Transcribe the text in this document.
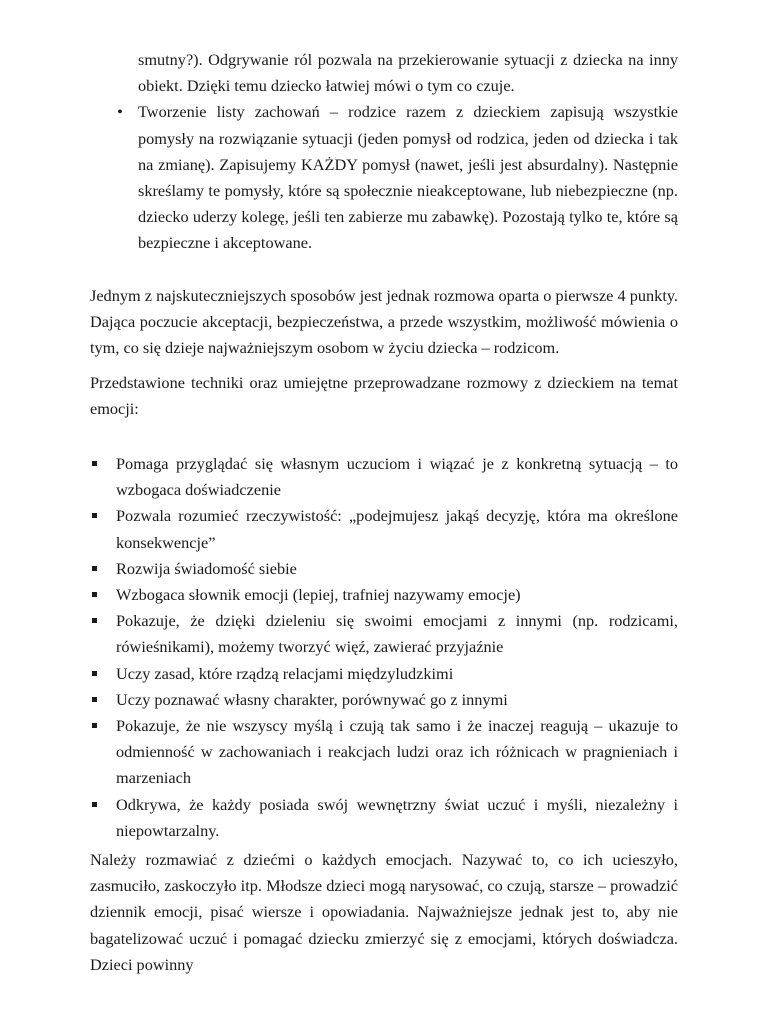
smutny?). Odgrywanie ról pozwala na przekierowanie sytuacji z dziecka na inny obiekt. Dzięki temu dziecko łatwiej mówi o tym co czuje.
• Tworzenie listy zachowań – rodzice razem z dzieckiem zapisują wszystkie pomysły na rozwiązanie sytuacji (jeden pomysł od rodzica, jeden od dziecka i tak na zmianę). Zapisujemy KAŻDY pomysł (nawet, jeśli jest absurdalny). Następnie skreślamy te pomysły, które są społecznie nieakceptowane, lub niebezpieczne (np. dziecko uderzy kolegę, jeśli ten zabierze mu zabawkę). Pozostają tylko te, które są bezpieczne i akceptowane.

Jednym z najskuteczniejszych sposobów jest jednak rozmowa oparta o pierwsze 4 punkty. Dająca poczucie akceptacji, bezpieczeństwa, a przede wszystkim, możliwość mówienia o tym, co się dzieje najważniejszym osobom w życiu dziecka – rodzicom.

Przedstawione techniki oraz umiejętne przeprowadzane rozmowy z dzieckiem na temat emocji:

Pomaga przyglądać się własnym uczuciom i wiązać je z konkretną sytuacją – to wzbogaca doświadczenie
Pozwala rozumieć rzeczywistość: „podejmujesz jakąś decyzję, która ma określone konsekwencje”
Rozwija świadomość siebie
Wzbogaca słownik emocji (lepiej, trafniej nazywamy emocje)
Pokazuje, że dzięki dzieleniu się swoimi emocjami z innymi (np. rodzicami, rówieśnikami), możemy tworzyć więź, zawierać przyjaźnie
Uczy zasad, które rządzą relacjami międzyludzkimi
Uczy poznawać własny charakter, porównywać go z innymi
Pokazuje, że nie wszyscy myślą i czują tak samo i że inaczej reagują – ukazuje to odmienność w zachowaniach i reakcjach ludzi oraz ich różnicach w pragnieniach i marzeniach
Odkrywa, że każdy posiada swój wewnętrzny świat uczuć i myśli, niezależny i niepowtarzalny.

Należy rozmawiać z dziećmi o każdych emocjach. Nazywać to, co ich ucieszyło, zasmuciło, zaskoczyło itp. Młodsze dzieci mogą narysować, co czują, starsze – prowadzić dziennik emocji, pisać wiersze i opowiadania. Najważniejsze jednak jest to, aby nie bagatelizować uczuć i pomagać dziecku zmierzyć się z emocjami, których doświadcza. Dzieci powinny
